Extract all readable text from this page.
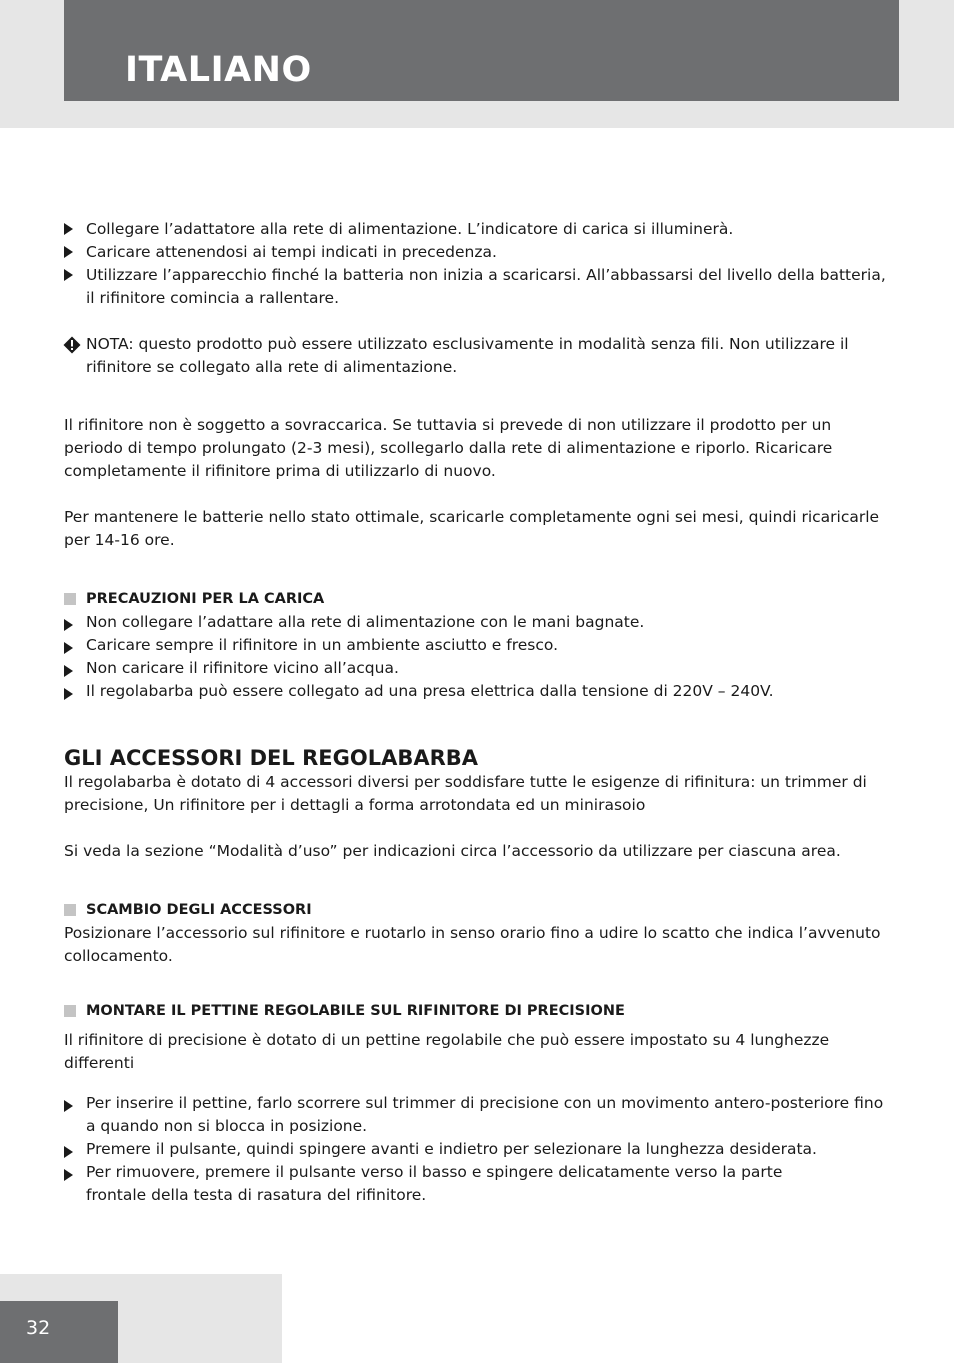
ITALIANO
Collegare l’adattatore alla rete di alimentazione. L’indicatore di carica si illuminerà.
Caricare attenendosi ai tempi indicati in precedenza.
Utilizzare l’apparecchio finché la batteria non inizia a scaricarsi. All’abbassarsi del livello della batteria, il rifinitore comincia a rallentare.
NOTA: questo prodotto può essere utilizzato esclusivamente in modalità senza fili. Non utilizzare il rifinitore se collegato alla rete di alimentazione.

Il rifinitore non è soggetto a sovraccarica. Se tuttavia si prevede di non utilizzare il prodotto per un periodo di tempo prolungato (2-3 mesi), scollegarlo dalla rete di alimentazione e riporlo. Ricaricare completamente il rifinitore prima di utilizzarlo di nuovo.

Per mantenere le batterie nello stato ottimale, scaricarle completamente ogni sei mesi, quindi ricaricarle per 14-16 ore.

PRECAUZIONI PER LA CARICA
Non collegare l’adattare alla rete di alimentazione con le mani bagnate.
Caricare sempre il rifinitore in un ambiente asciutto e fresco.
Non caricare il rifinitore vicino all’acqua.
Il regolabarba può essere collegato ad una presa elettrica dalla tensione di 220V – 240V.
GLI ACCESSORI DEL REGOLABARBA

Il regolabarba è dotato di 4 accessori diversi per soddisfare tutte le esigenze di rifinitura: un trimmer di precisione, Un rifinitore per i dettagli a forma arrotondata ed un minirasoio

Si veda la sezione “Modalità d’uso” per indicazioni circa l’accessorio da utilizzare per ciascuna area.

SCAMBIO DEGLI ACCESSORI

Posizionare l’accessorio sul rifinitore e ruotarlo in senso orario fino a udire lo scatto che indica l’avvenuto collocamento.

MONTARE IL PETTINE REGOLABILE SUL RIFINITORE DI PRECISIONE

Il rifinitore di precisione è dotato di un pettine regolabile che può essere impostato su 4 lunghezze differenti

Per inserire il pettine, farlo scorrere sul trimmer di precisione con un movimento antero-posteriore fino a quando non si blocca in posizione.
Premere il pulsante, quindi spingere avanti e indietro per selezionare la lunghezza desiderata.
Per rimuovere, premere il pulsante verso il basso e spingere delicatamente verso la parte frontale della testa di rasatura del rifinitore.
32
